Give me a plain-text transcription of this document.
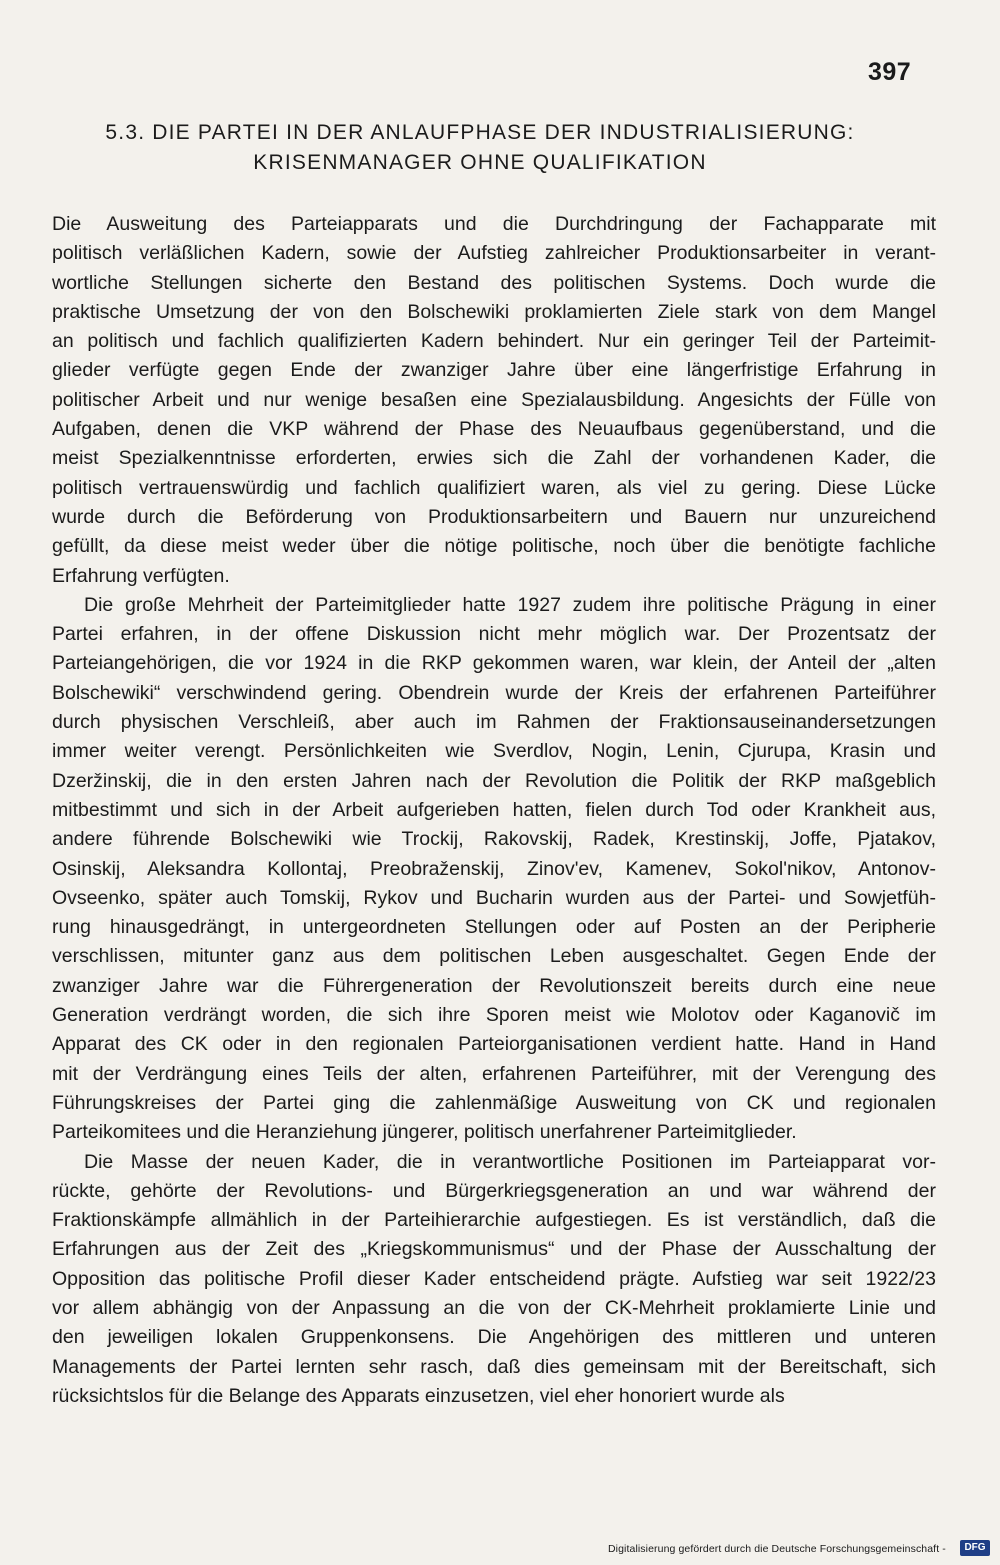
397
5.3. DIE PARTEI IN DER ANLAUFPHASE DER INDUSTRIALISIERUNG:
KRISENMANAGER OHNE QUALIFIKATION
Die Ausweitung des Parteiapparats und die Durchdringung der Fachapparate mit
politisch verläßlichen Kadern, sowie der Aufstieg zahlreicher Produktionsarbeiter in verant-
wortliche Stellungen sicherte den Bestand des politischen Systems. Doch wurde die
praktische Umsetzung der von den Bolschewiki proklamierten Ziele stark von dem Mangel
an politisch und fachlich qualifizierten Kadern behindert. Nur ein geringer Teil der Parteimit-
glieder verfügte gegen Ende der zwanziger Jahre über eine längerfristige Erfahrung in
politischer Arbeit und nur wenige besaßen eine Spezialausbildung. Angesichts der Fülle von
Aufgaben, denen die VKP während der Phase des Neuaufbaus gegenüberstand, und die
meist Spezialkenntnisse erforderten, erwies sich die Zahl der vorhandenen Kader, die
politisch vertrauenswürdig und fachlich qualifiziert waren, als viel zu gering. Diese Lücke
wurde durch die Beförderung von Produktionsarbeitern und Bauern nur unzureichend
gefüllt, da diese meist weder über die nötige politische, noch über die benötigte fachliche
Erfahrung verfügten.
Die große Mehrheit der Parteimitglieder hatte 1927 zudem ihre politische Prägung in einer
Partei erfahren, in der offene Diskussion nicht mehr möglich war. Der Prozentsatz der
Parteiangehörigen, die vor 1924 in die RKP gekommen waren, war klein, der Anteil der „alten
Bolschewiki“ verschwindend gering. Obendrein wurde der Kreis der erfahrenen Parteiführer
durch physischen Verschleiß, aber auch im Rahmen der Fraktionsauseinandersetzungen
immer weiter verengt. Persönlichkeiten wie Sverdlov, Nogin, Lenin, Cjurupa, Krasin und
Dzeržinskij, die in den ersten Jahren nach der Revolution die Politik der RKP maßgeblich
mitbestimmt und sich in der Arbeit aufgerieben hatten, fielen durch Tod oder Krankheit aus,
andere führende Bolschewiki wie Trockij, Rakovskij, Radek, Krestinskij, Joffe, Pjatakov,
Osinskij, Aleksandra Kollontaj, Preobraženskij, Zinov'ev, Kamenev, Sokol'nikov, Antonov-
Ovseenko, später auch Tomskij, Rykov und Bucharin wurden aus der Partei- und Sowjetfüh-
rung hinausgedrängt, in untergeordneten Stellungen oder auf Posten an der Peripherie
verschlissen, mitunter ganz aus dem politischen Leben ausgeschaltet. Gegen Ende der
zwanziger Jahre war die Führergeneration der Revolutionszeit bereits durch eine neue
Generation verdrängt worden, die sich ihre Sporen meist wie Molotov oder Kaganovič im
Apparat des CK oder in den regionalen Parteiorganisationen verdient hatte. Hand in Hand
mit der Verdrängung eines Teils der alten, erfahrenen Parteiführer, mit der Verengung des
Führungskreises der Partei ging die zahlenmäßige Ausweitung von CK und regionalen
Parteikomitees und die Heranziehung jüngerer, politisch unerfahrener Parteimitglieder.
Die Masse der neuen Kader, die in verantwortliche Positionen im Parteiapparat vor-
rückte, gehörte der Revolutions- und Bürgerkriegsgeneration an und war während der
Fraktionskämpfe allmählich in der Parteihierarchie aufgestiegen. Es ist verständlich, daß die
Erfahrungen aus der Zeit des „Kriegskommunismus“ und der Phase der Ausschaltung der
Opposition das politische Profil dieser Kader entscheidend prägte. Aufstieg war seit 1922/23
vor allem abhängig von der Anpassung an die von der CK-Mehrheit proklamierte Linie und
den jeweiligen lokalen Gruppenkonsens. Die Angehörigen des mittleren und unteren
Managements der Partei lernten sehr rasch, daß dies gemeinsam mit der Bereitschaft, sich
rücksichtslos für die Belange des Apparats einzusetzen, viel eher honoriert wurde als
Digitalisierung gefördert durch die Deutsche Forschungsgemeinschaft -	DFG
